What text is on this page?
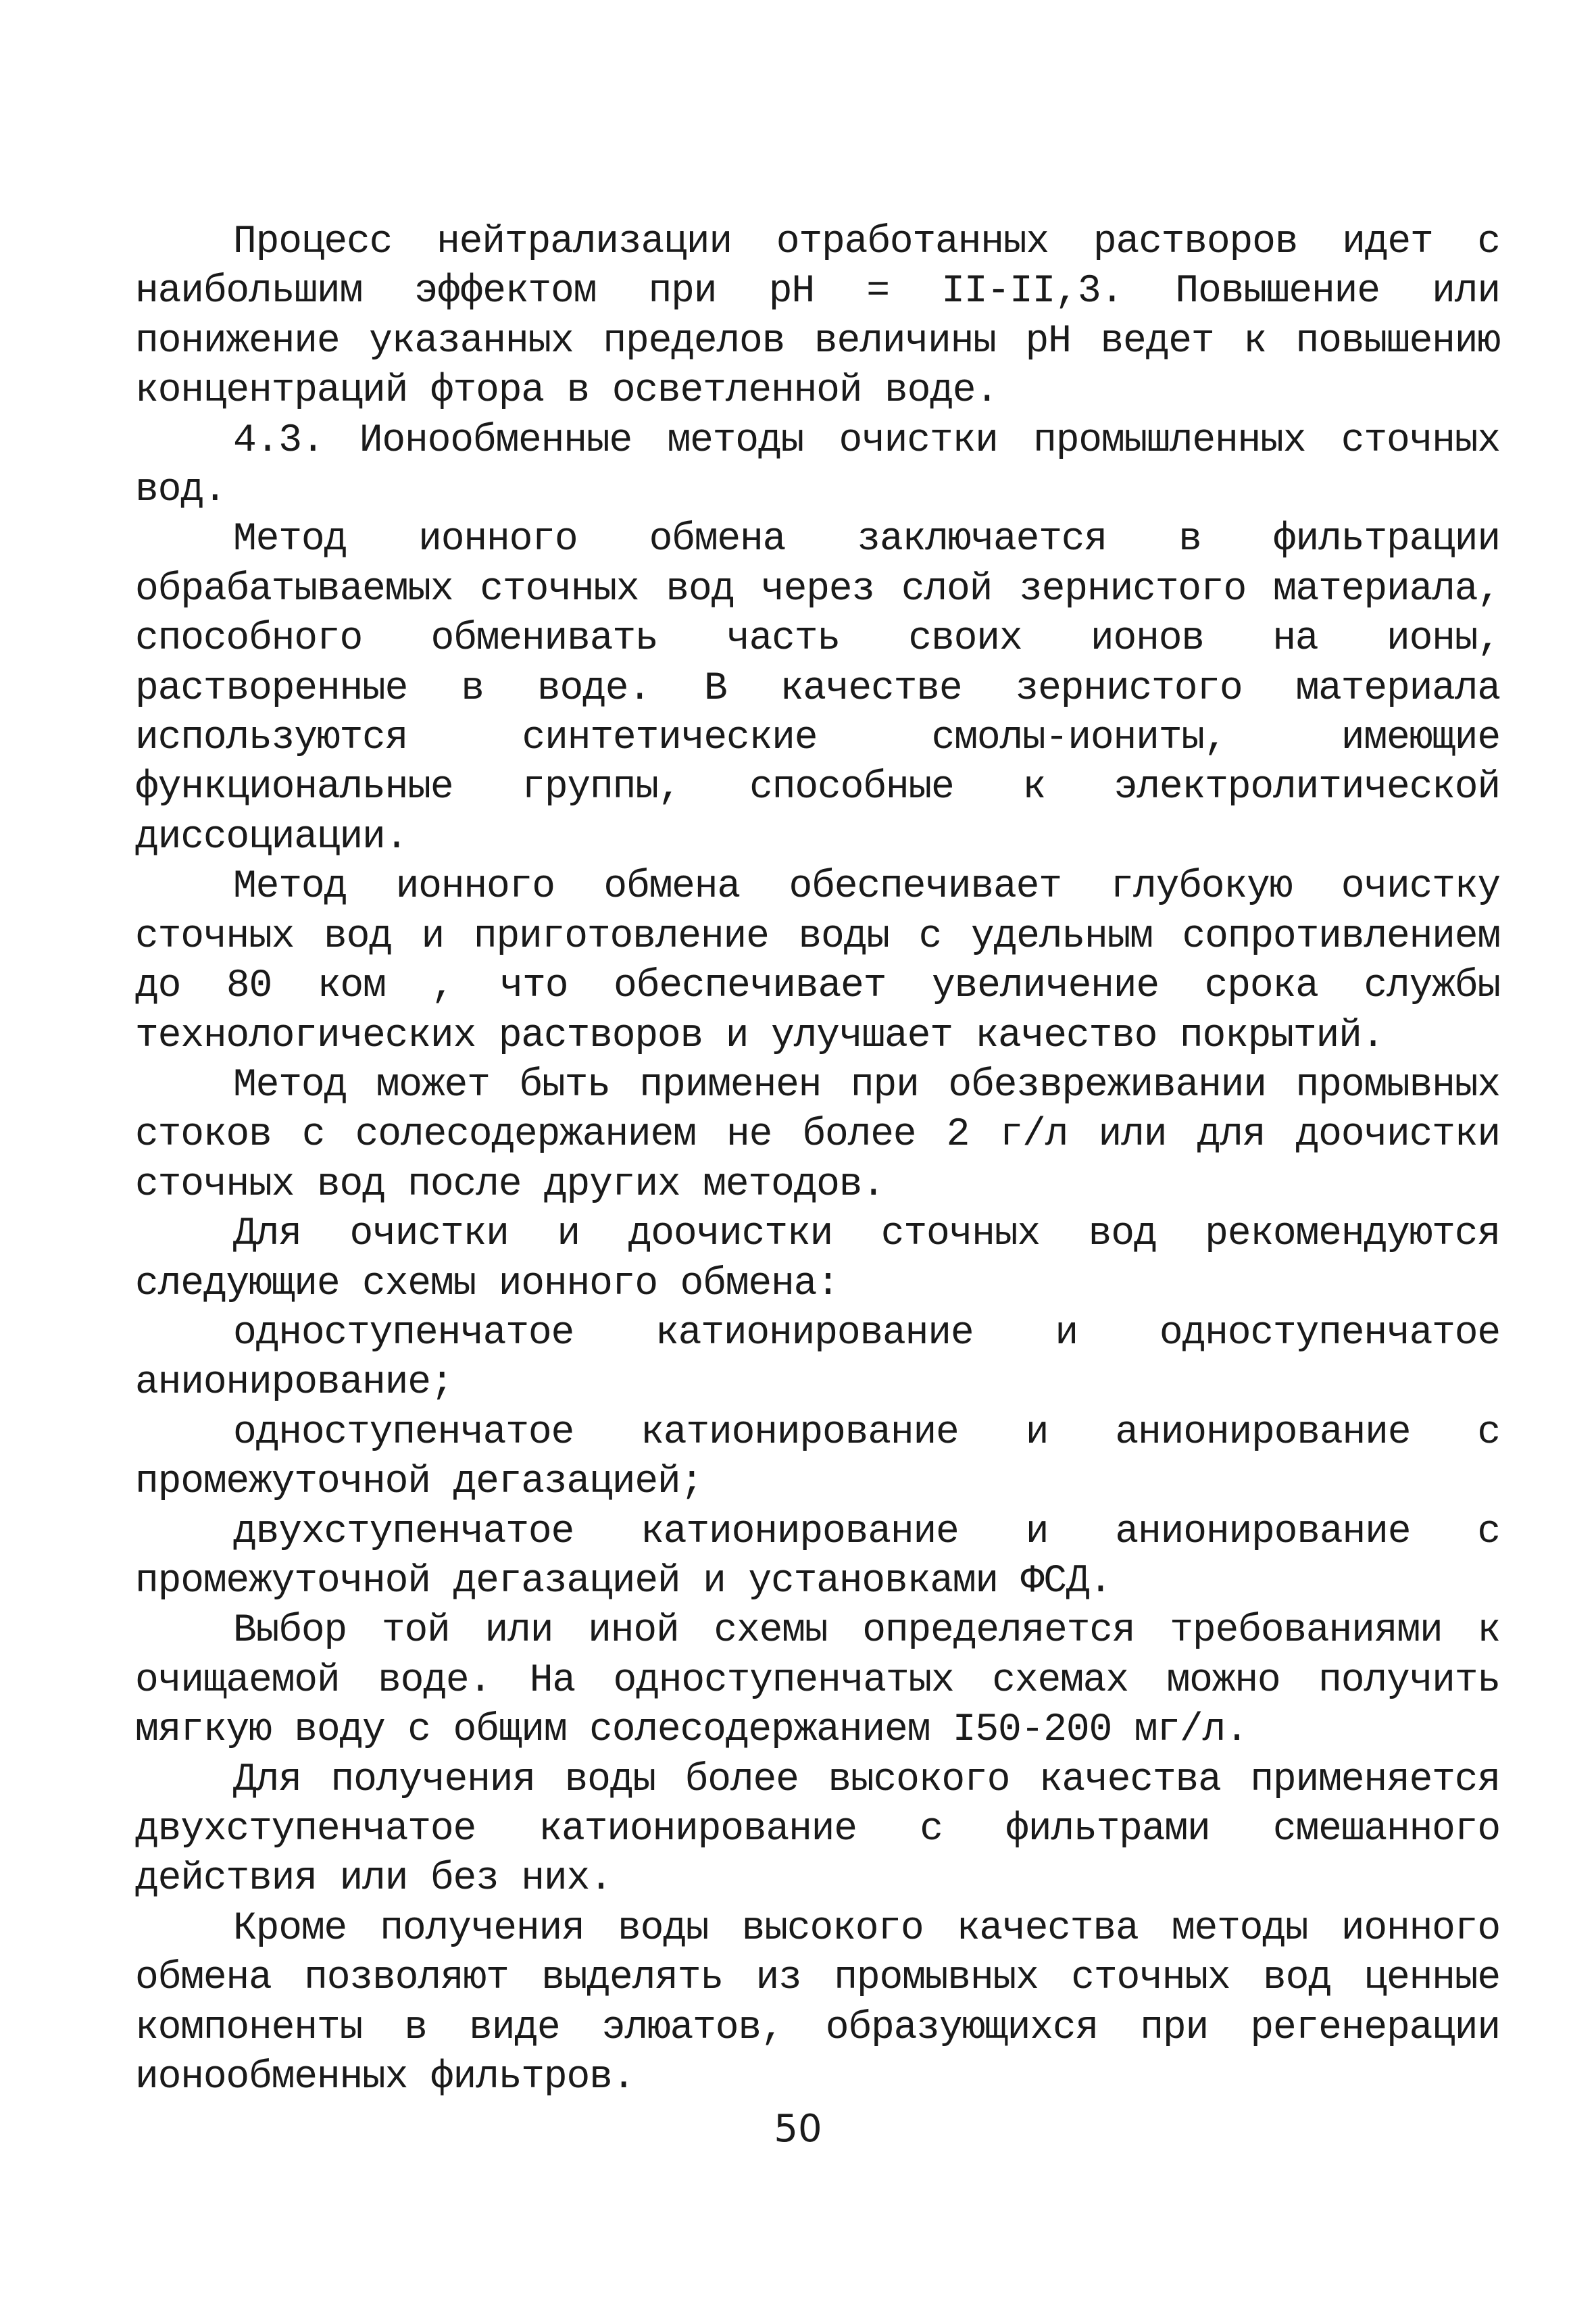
Процесс нейтрализации отработанных растворов идет с наибольшим эффектом при pH = II-II,3. Повышение или понижение указанных пределов величины pH ведет к повышению концентраций фтора в осветленной воде.

4.3. Ионообменные методы очистки промышленных сточных вод.

Метод ионного обмена заключается в фильтрации обрабатываемых сточных вод через слой зернистого материала, способного обменивать часть своих ионов на ионы, растворенные в воде. В качестве зернистого материала используются синтетические смолы-иониты, имеющие функциональные группы, способные к электролитической диссоциации.

Метод ионного обмена обеспечивает глубокую очистку сточных вод и приготовление воды с удельным сопротивлением до 80 ком , что обеспечивает увеличение срока службы технологических растворов и улучшает качество покрытий.

Метод может быть применен при обезвреживании промывных стоков с солесодержанием не более 2 г/л или для доочистки сточных вод после других методов.

Для очистки и доочистки сточных вод рекомендуются следующие схемы ионного обмена:

одноступенчатое катионирование и одноступенчатое анионирование;

одноступенчатое катионирование и анионирование с промежуточной дегазацией;

двухступенчатое катионирование и анионирование с промежуточной дегазацией и установками ФСД.

Выбор той или иной схемы определяется требованиями к очищаемой воде. На одноступенчатых схемах можно получить мягкую воду с общим солесодержанием I50-200 мг/л.

Для получения воды более высокого качества применяется двухступенчатое катионирование с фильтрами смешанного действия или без них.

Кроме получения воды высокого качества методы ионного обмена позволяют выделять из промывных сточных вод ценные компоненты в виде элюатов, образующихся при регенерации ионообменных фильтров.

50
